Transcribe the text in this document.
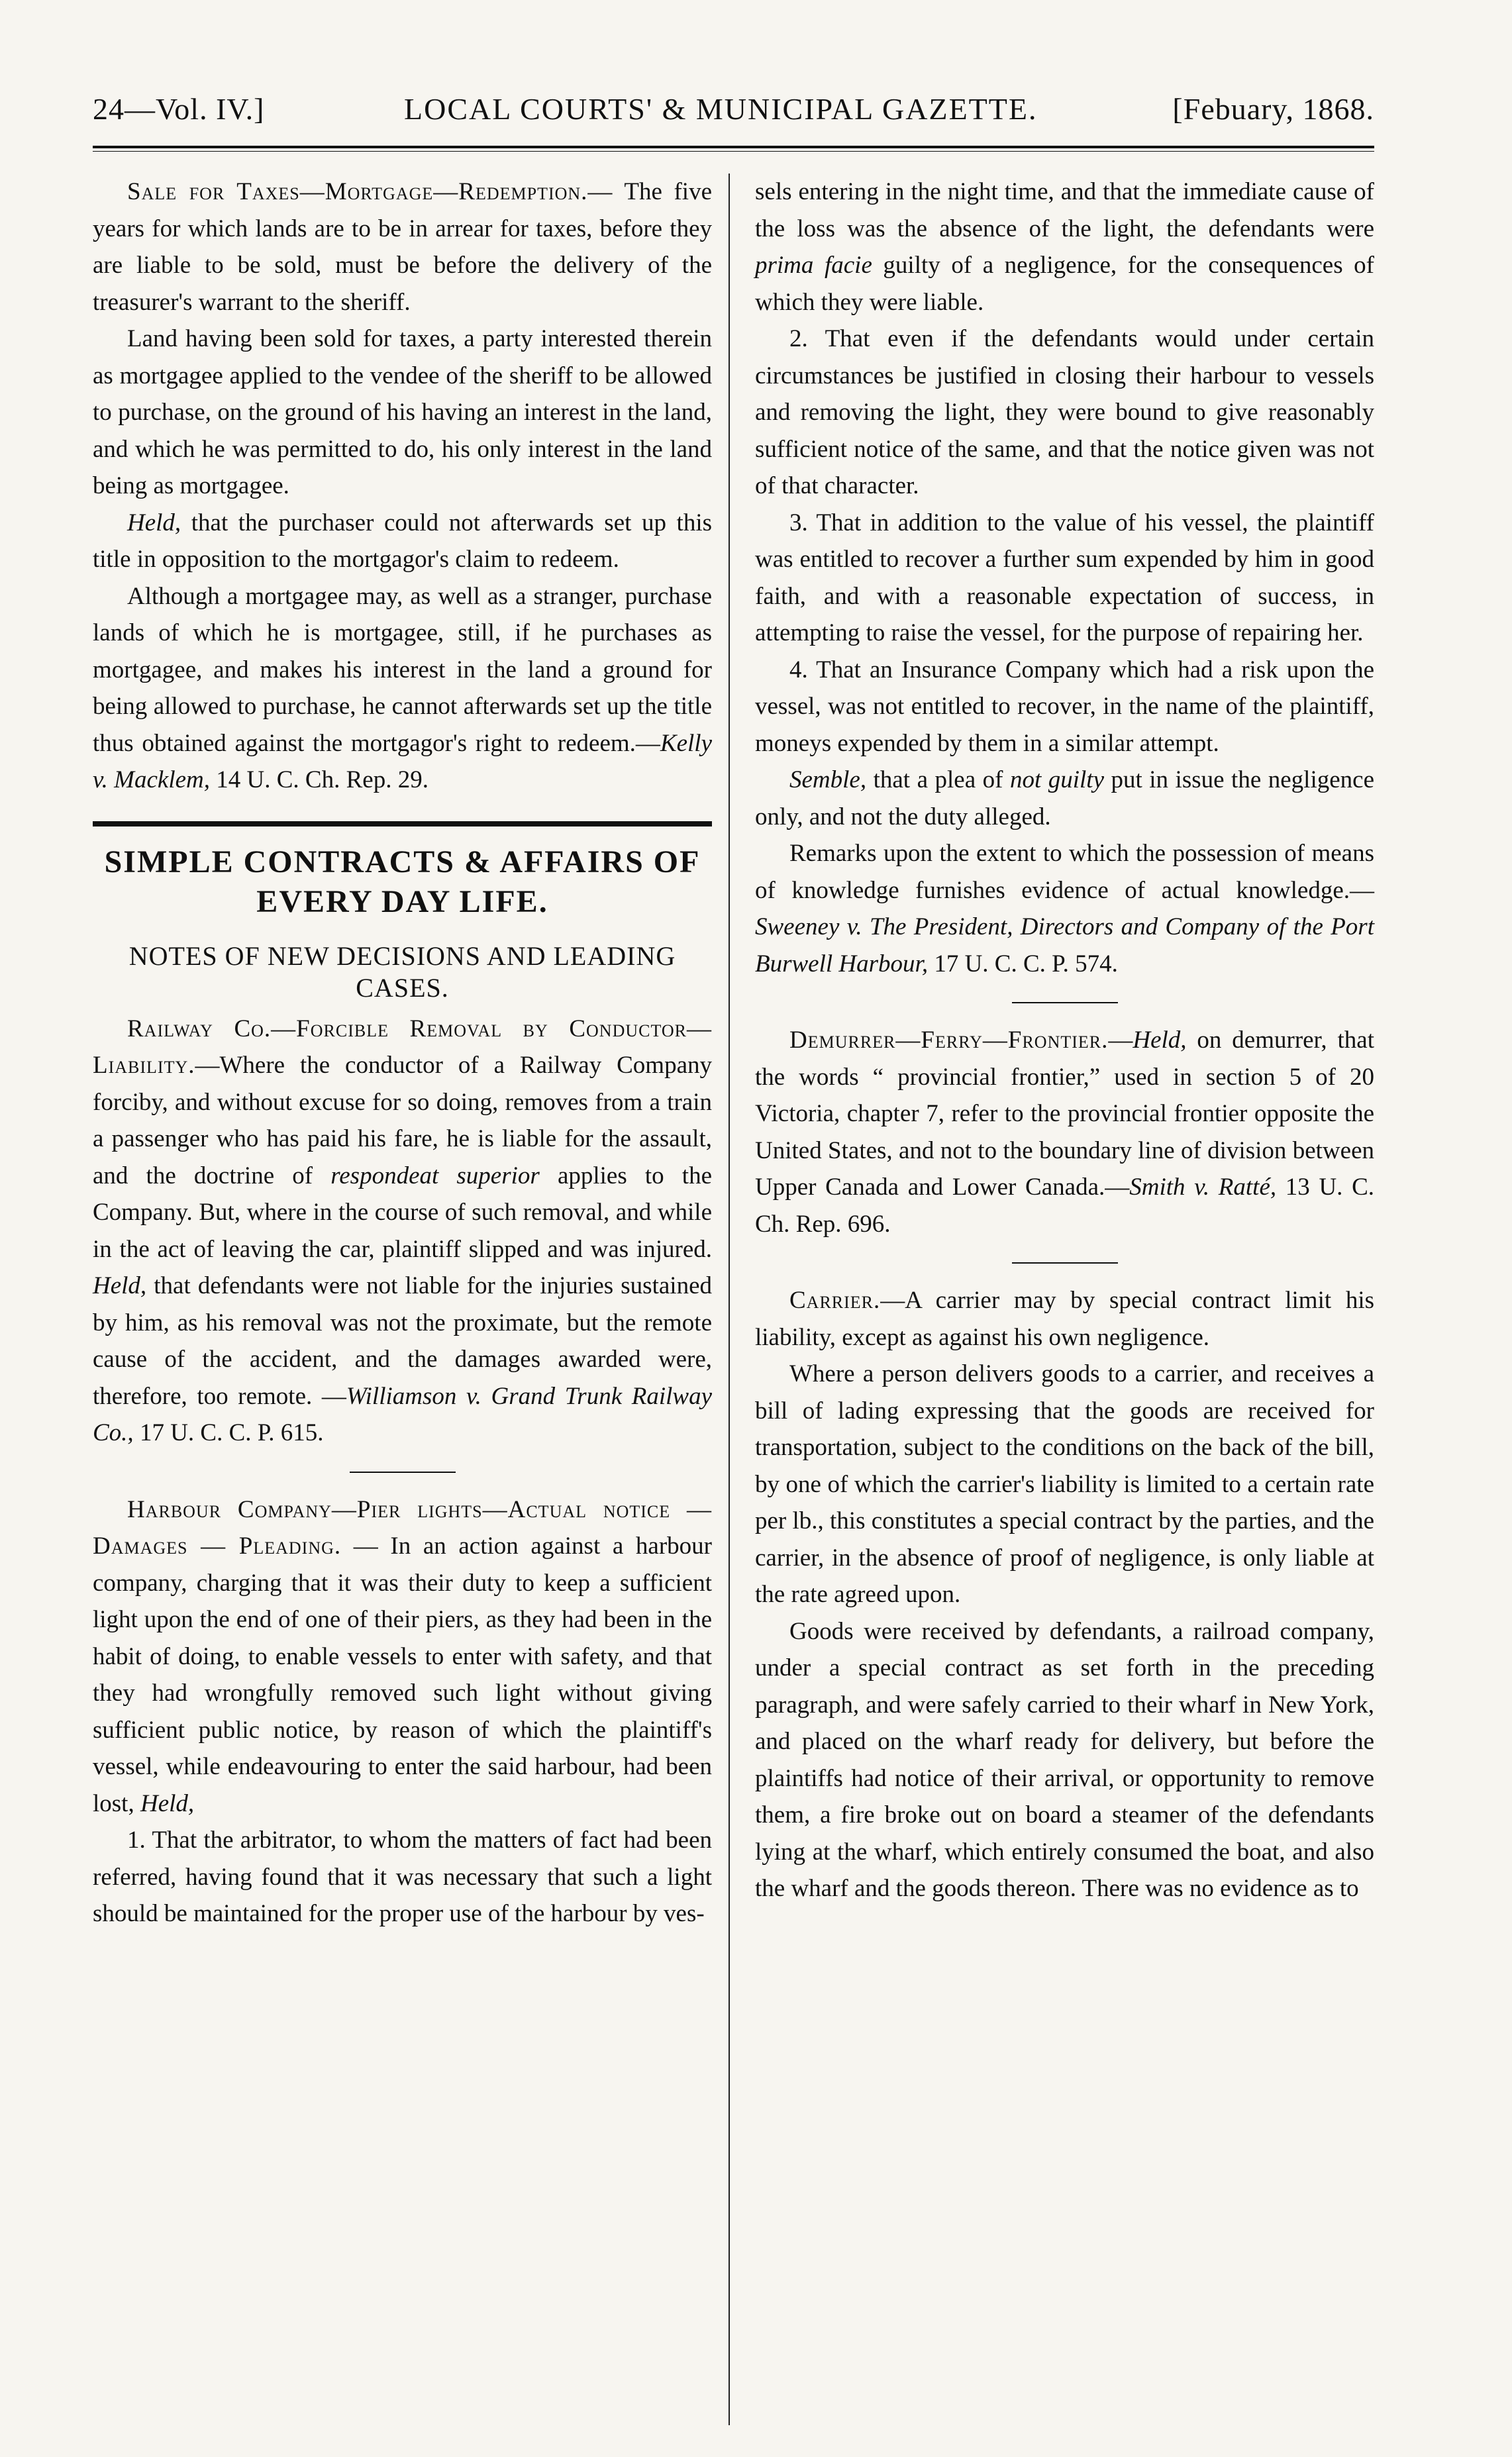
24—Vol. IV.]	LOCAL COURTS' & MUNICIPAL GAZETTE.	[Febuary, 1868.

Sale for Taxes—Mortgage—Redemption.— The five years for which lands are to be in arrear for taxes, before they are liable to be sold, must be before the delivery of the treasurer's warrant to the sheriff.

Land having been sold for taxes, a party interested therein as mortgagee applied to the vendee of the sheriff to be allowed to purchase, on the ground of his having an interest in the land, and which he was permitted to do, his only interest in the land being as mortgagee.

Held, that the purchaser could not afterwards set up this title in opposition to the mortgagor's claim to redeem.

Although a mortgagee may, as well as a stranger, purchase lands of which he is mortgagee, still, if he purchases as mortgagee, and makes his interest in the land a ground for being allowed to purchase, he cannot afterwards set up the title thus obtained against the mortgagor's right to redeem.—Kelly v. Macklem, 14 U. C. Ch. Rep. 29.

SIMPLE CONTRACTS & AFFAIRS OF EVERY DAY LIFE.
NOTES OF NEW DECISIONS AND LEADING CASES.

Railway Co.—Forcible Removal by Conductor—Liability.—Where the conductor of a Railway Company forciby, and without excuse for so doing, removes from a train a passenger who has paid his fare, he is liable for the assault, and the doctrine of respondeat superior applies to the Company. But, where in the course of such removal, and while in the act of leaving the car, plaintiff slipped and was injured. Held, that defendants were not liable for the injuries sustained by him, as his removal was not the proximate, but the remote cause of the accident, and the damages awarded were, therefore, too remote. —Williamson v. Grand Trunk Railway Co., 17 U. C. C. P. 615.

Harbour Company—Pier lights—Actual notice — Damages — Pleading. — In an action against a harbour company, charging that it was their duty to keep a sufficient light upon the end of one of their piers, as they had been in the habit of doing, to enable vessels to enter with safety, and that they had wrongfully removed such light without giving sufficient public notice, by reason of which the plaintiff's vessel, while endeavouring to enter the said harbour, had been lost, Held,

1. That the arbitrator, to whom the matters of fact had been referred, having found that it was necessary that such a light should be maintained for the proper use of the harbour by ves-

sels entering in the night time, and that the immediate cause of the loss was the absence of the light, the defendants were prima facie guilty of a negligence, for the consequences of which they were liable.

2. That even if the defendants would under certain circumstances be justified in closing their harbour to vessels and removing the light, they were bound to give reasonably sufficient notice of the same, and that the notice given was not of that character.

3. That in addition to the value of his vessel, the plaintiff was entitled to recover a further sum expended by him in good faith, and with a reasonable expectation of success, in attempting to raise the vessel, for the purpose of repairing her.

4. That an Insurance Company which had a risk upon the vessel, was not entitled to recover, in the name of the plaintiff, moneys expended by them in a similar attempt.

Semble, that a plea of not guilty put in issue the negligence only, and not the duty alleged.

Remarks upon the extent to which the possession of means of knowledge furnishes evidence of actual knowledge.—Sweeney v. The President, Directors and Company of the Port Burwell Harbour, 17 U. C. C. P. 574.

Demurrer—Ferry—Frontier.—Held, on demurrer, that the words “ provincial frontier,” used in section 5 of 20 Victoria, chapter 7, refer to the provincial frontier opposite the United States, and not to the boundary line of division between Upper Canada and Lower Canada.—Smith v. Ratté, 13 U. C. Ch. Rep. 696.

Carrier.—A carrier may by special contract limit his liability, except as against his own negligence.

Where a person delivers goods to a carrier, and receives a bill of lading expressing that the goods are received for transportation, subject to the conditions on the back of the bill, by one of which the carrier's liability is limited to a certain rate per lb., this constitutes a special contract by the parties, and the carrier, in the absence of proof of negligence, is only liable at the rate agreed upon.

Goods were received by defendants, a railroad company, under a special contract as set forth in the preceding paragraph, and were safely carried to their wharf in New York, and placed on the wharf ready for delivery, but before the plaintiffs had notice of their arrival, or opportunity to remove them, a fire broke out on board a steamer of the defendants lying at the wharf, which entirely consumed the boat, and also the wharf and the goods thereon. There was no evidence as to
